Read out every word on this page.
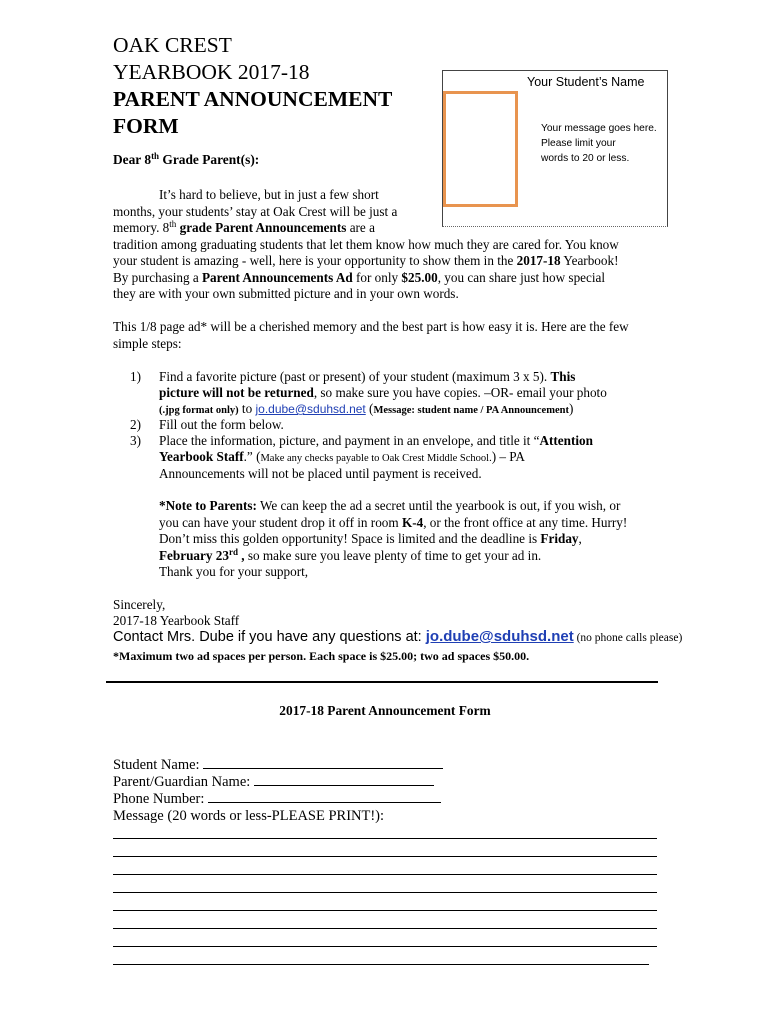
OAK CREST
YEARBOOK 2017-18
PARENT ANNOUNCEMENT
FORM
Dear 8th Grade Parent(s):
Your Student’s Name
Your message goes here.
Please limit your
words to 20 or less.
It’s hard to believe, but in just a few short
months, your students’ stay at Oak Crest will be just a
memory. 8th grade Parent Announcements are a
tradition among graduating students that let them know how much they are cared for. You know
your student is amazing - well, here is your opportunity to show them in the 2017-18 Yearbook!
By purchasing a Parent Announcements Ad for only $25.00, you can share just how special
they are with your own submitted picture and in your own words.
This 1/8 page ad* will be a cherished memory and the best part is how easy it is. Here are the few
simple steps:
1) Find a favorite picture (past or present) of your student (maximum 3 x 5). This
picture will not be returned, so make sure you have copies. –OR- email your photo
(.jpg format only) to jo.dube@sduhsd.net (Message: student name / PA Announcement)
2) Fill out the form below.
3) Place the information, picture, and payment in an envelope, and title it “Attention
Yearbook Staff.” (Make any checks payable to Oak Crest Middle School.) – PA
Announcements will not be placed until payment is received.
*Note to Parents: We can keep the ad a secret until the yearbook is out, if you wish, or
you can have your student drop it off in room K-4, or the front office at any time. Hurry!
Don’t miss this golden opportunity! Space is limited and the deadline is Friday,
February 23rd , so make sure you leave plenty of time to get your ad in.
Thank you for your support,
Sincerely,
2017-18 Yearbook Staff
Contact Mrs. Dube if you have any questions at: jo.dube@sduhsd.net (no phone calls please)
*Maximum two ad spaces per person. Each space is $25.00; two ad spaces $50.00.
2017-18 Parent Announcement Form
Student Name:
Parent/Guardian Name:
Phone Number:
Message (20 words or less-PLEASE PRINT!):
